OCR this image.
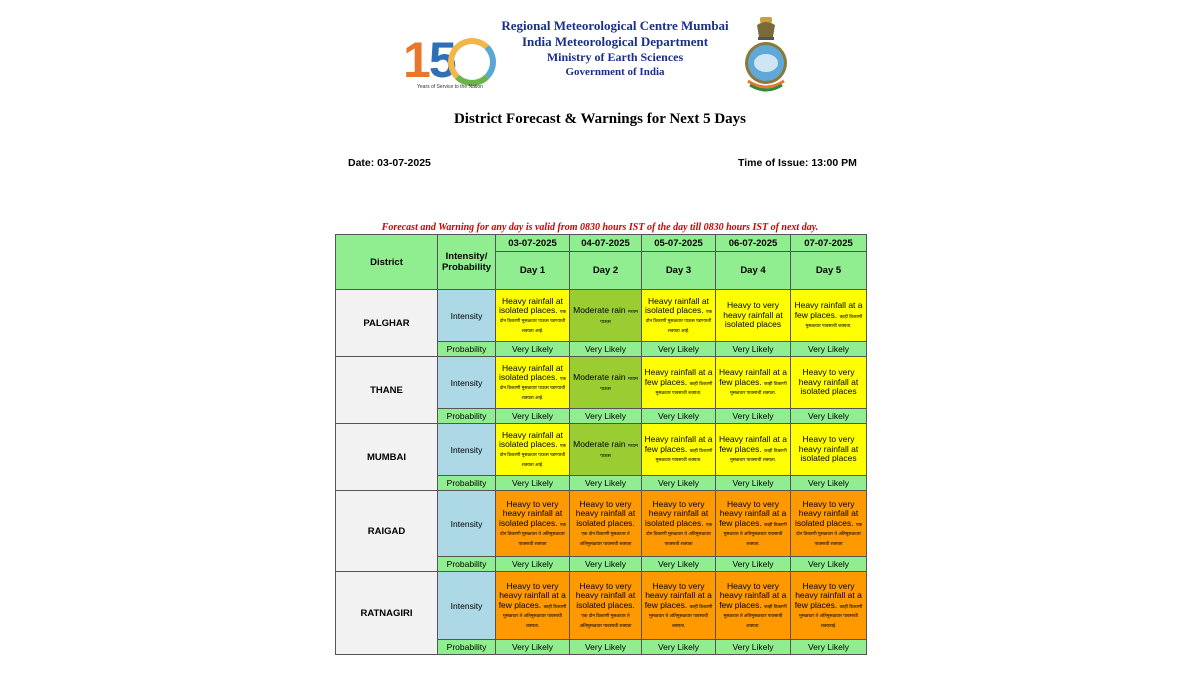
15
Years of Service to the Nation
Regional Meteorological Centre Mumbai
India Meteorological Department
Ministry of Earth Sciences
Government of India
District Forecast & Warnings for Next 5 Days
Date: 03-07-2025	Time of Issue: 13:00 PM
Forecast and Warning for any day is valid from 0830 hours IST of the day till 0830 hours IST of next day.
District	Intensity/ Probability	03-07-2025	04-07-2025	05-07-2025	06-07-2025	07-07-2025
		Day 1	Day 2	Day 3	Day 4	Day 5
PALGHAR	Intensity	Heavy rainfall at isolated places. एक दोन ठिकाणी मुसळधार पाऊस पडण्याची शक्यता आहे.	Moderate rain मध्यम पाऊस	Heavy rainfall at isolated places. एक दोन ठिकाणी मुसळधार पाऊस पडण्याची शक्यता आहे.	Heavy to very heavy rainfall at isolated places	Heavy rainfall at a few places. काही ठिकाणी मुसळधार पावसाची शक्यता.
	Probability	Very Likely	Very Likely	Very Likely	Very Likely	Very Likely
THANE	Intensity	Heavy rainfall at isolated places. एक दोन ठिकाणी मुसळधार पाऊस पडण्याची शक्यता आहे.	Moderate rain मध्यम पाऊस	Heavy rainfall at a few places. काही ठिकाणी मुसळधार पावसाची शक्यता.	Heavy rainfall at a few places. काही ठिकाणी मुसळधार पावसाची शक्यता.	Heavy to very heavy rainfall at isolated places
	Probability	Very Likely	Very Likely	Very Likely	Very Likely	Very Likely
MUMBAI	Intensity	Heavy rainfall at isolated places. एक दोन ठिकाणी मुसळधार पाऊस पडण्याची शक्यता आहे.	Moderate rain मध्यम पाऊस	Heavy rainfall at a few places. काही ठिकाणी मुसळधार पावसाची शक्यता.	Heavy rainfall at a few places. काही ठिकाणी मुसळधार पावसाची शक्यता.	Heavy to very heavy rainfall at isolated places
	Probability	Very Likely	Very Likely	Very Likely	Very Likely	Very Likely
RAIGAD	Intensity	Heavy to very heavy rainfall at isolated places. एक दोन ठिकाणी मुसळधार ते अतिमुसळधार पावसाची शक्यता	Heavy to very heavy rainfall at isolated places. एक दोन ठिकाणी मुसळधार ते अतिमुसळधार पावसाची शक्यता	Heavy to very heavy rainfall at isolated places. एक दोन ठिकाणी मुसळधार ते अतिमुसळधार पावसाची शक्यता	Heavy to very heavy rainfall at a few places. काही ठिकाणी मुसळधार ते अतिमुसळधार पावसाची शक्यता.	Heavy to very heavy rainfall at isolated places. एक दोन ठिकाणी मुसळधार ते अतिमुसळधार पावसाची शक्यता
	Probability	Very Likely	Very Likely	Very Likely	Very Likely	Very Likely
RATNAGIRI	Intensity	Heavy to very heavy rainfall at a few places. काही ठिकाणी मुसळधार ते अतिमुसळधार पावसाची शक्यता.	Heavy to very heavy rainfall at isolated places. एक दोन ठिकाणी मुसळधार ते अतिमुसळधार पावसाची शक्यता	Heavy to very heavy rainfall at a few places. काही ठिकाणी मुसळधार ते अतिमुसळधार पावसाची शक्यता.	Heavy to very heavy rainfall at a few places. काही ठिकाणी मुसळधार ते अतिमुसळधार पावसाची शक्यता.	Heavy to very heavy rainfall at a few places. काही ठिकाणी मुसळधार ते अतिमुसळधार पावसाची शक्यताई.
	Probability	Very Likely	Very Likely	Very Likely	Very Likely	Very Likely
